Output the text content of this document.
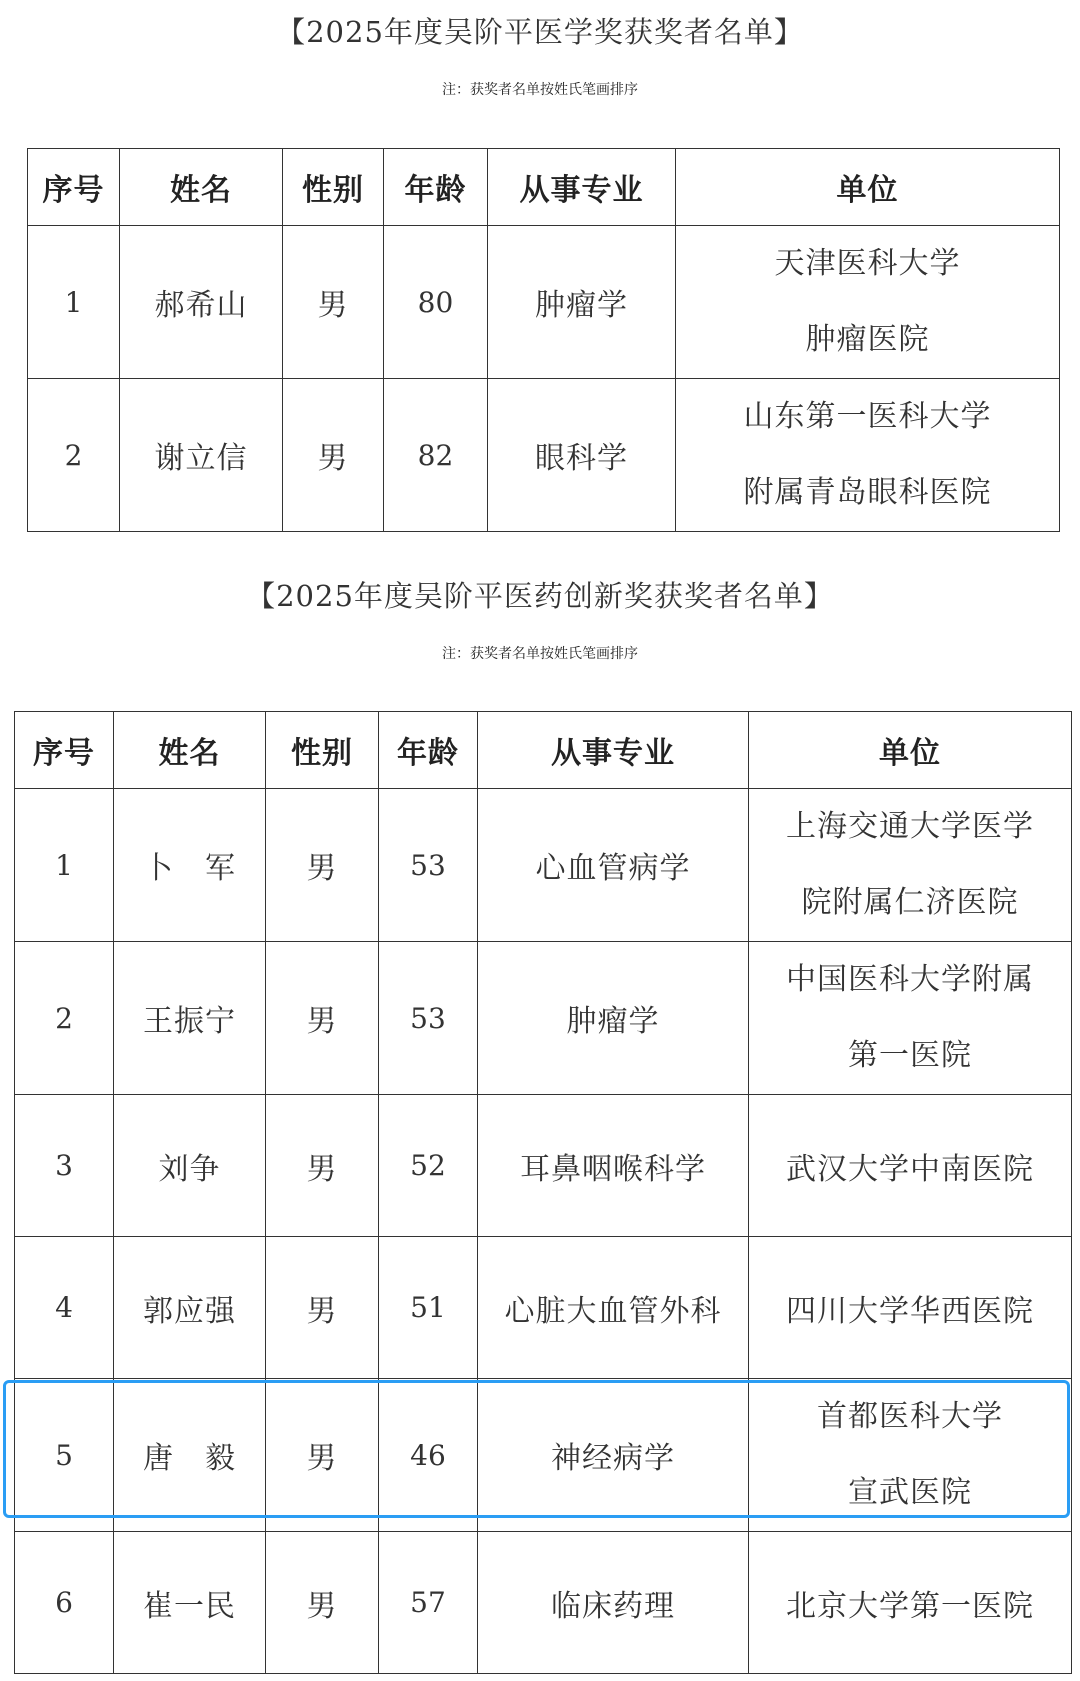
【2025年度吴阶平医学奖获奖者名单】
注：获奖者名单按姓氏笔画排序
序号	姓名	性别	年龄	从事专业	单位
1	郝希山	男	80	肿瘤学	天津医科大学
肿瘤医院

2	谢立信	男	82	眼科学	山东第一医科大学
附属青岛眼科医院
【2025年度吴阶平医药创新奖获奖者名单】
注：获奖者名单按姓氏笔画排序
序号	姓名	性别	年龄	从事专业	单位
1	卜　军	男	53	心血管病学	上海交通大学医学
院附属仁济医院

2	王振宁	男	53	肿瘤学	中国医科大学附属
第一医院

3	刘争	男	52	耳鼻咽喉科学	武汉大学中南医院
4	郭应强	男	51	心脏大血管外科	四川大学华西医院
5	唐　毅	男	46	神经病学	首都医科大学
宣武医院

6	崔一民	男	57	临床药理	北京大学第一医院
